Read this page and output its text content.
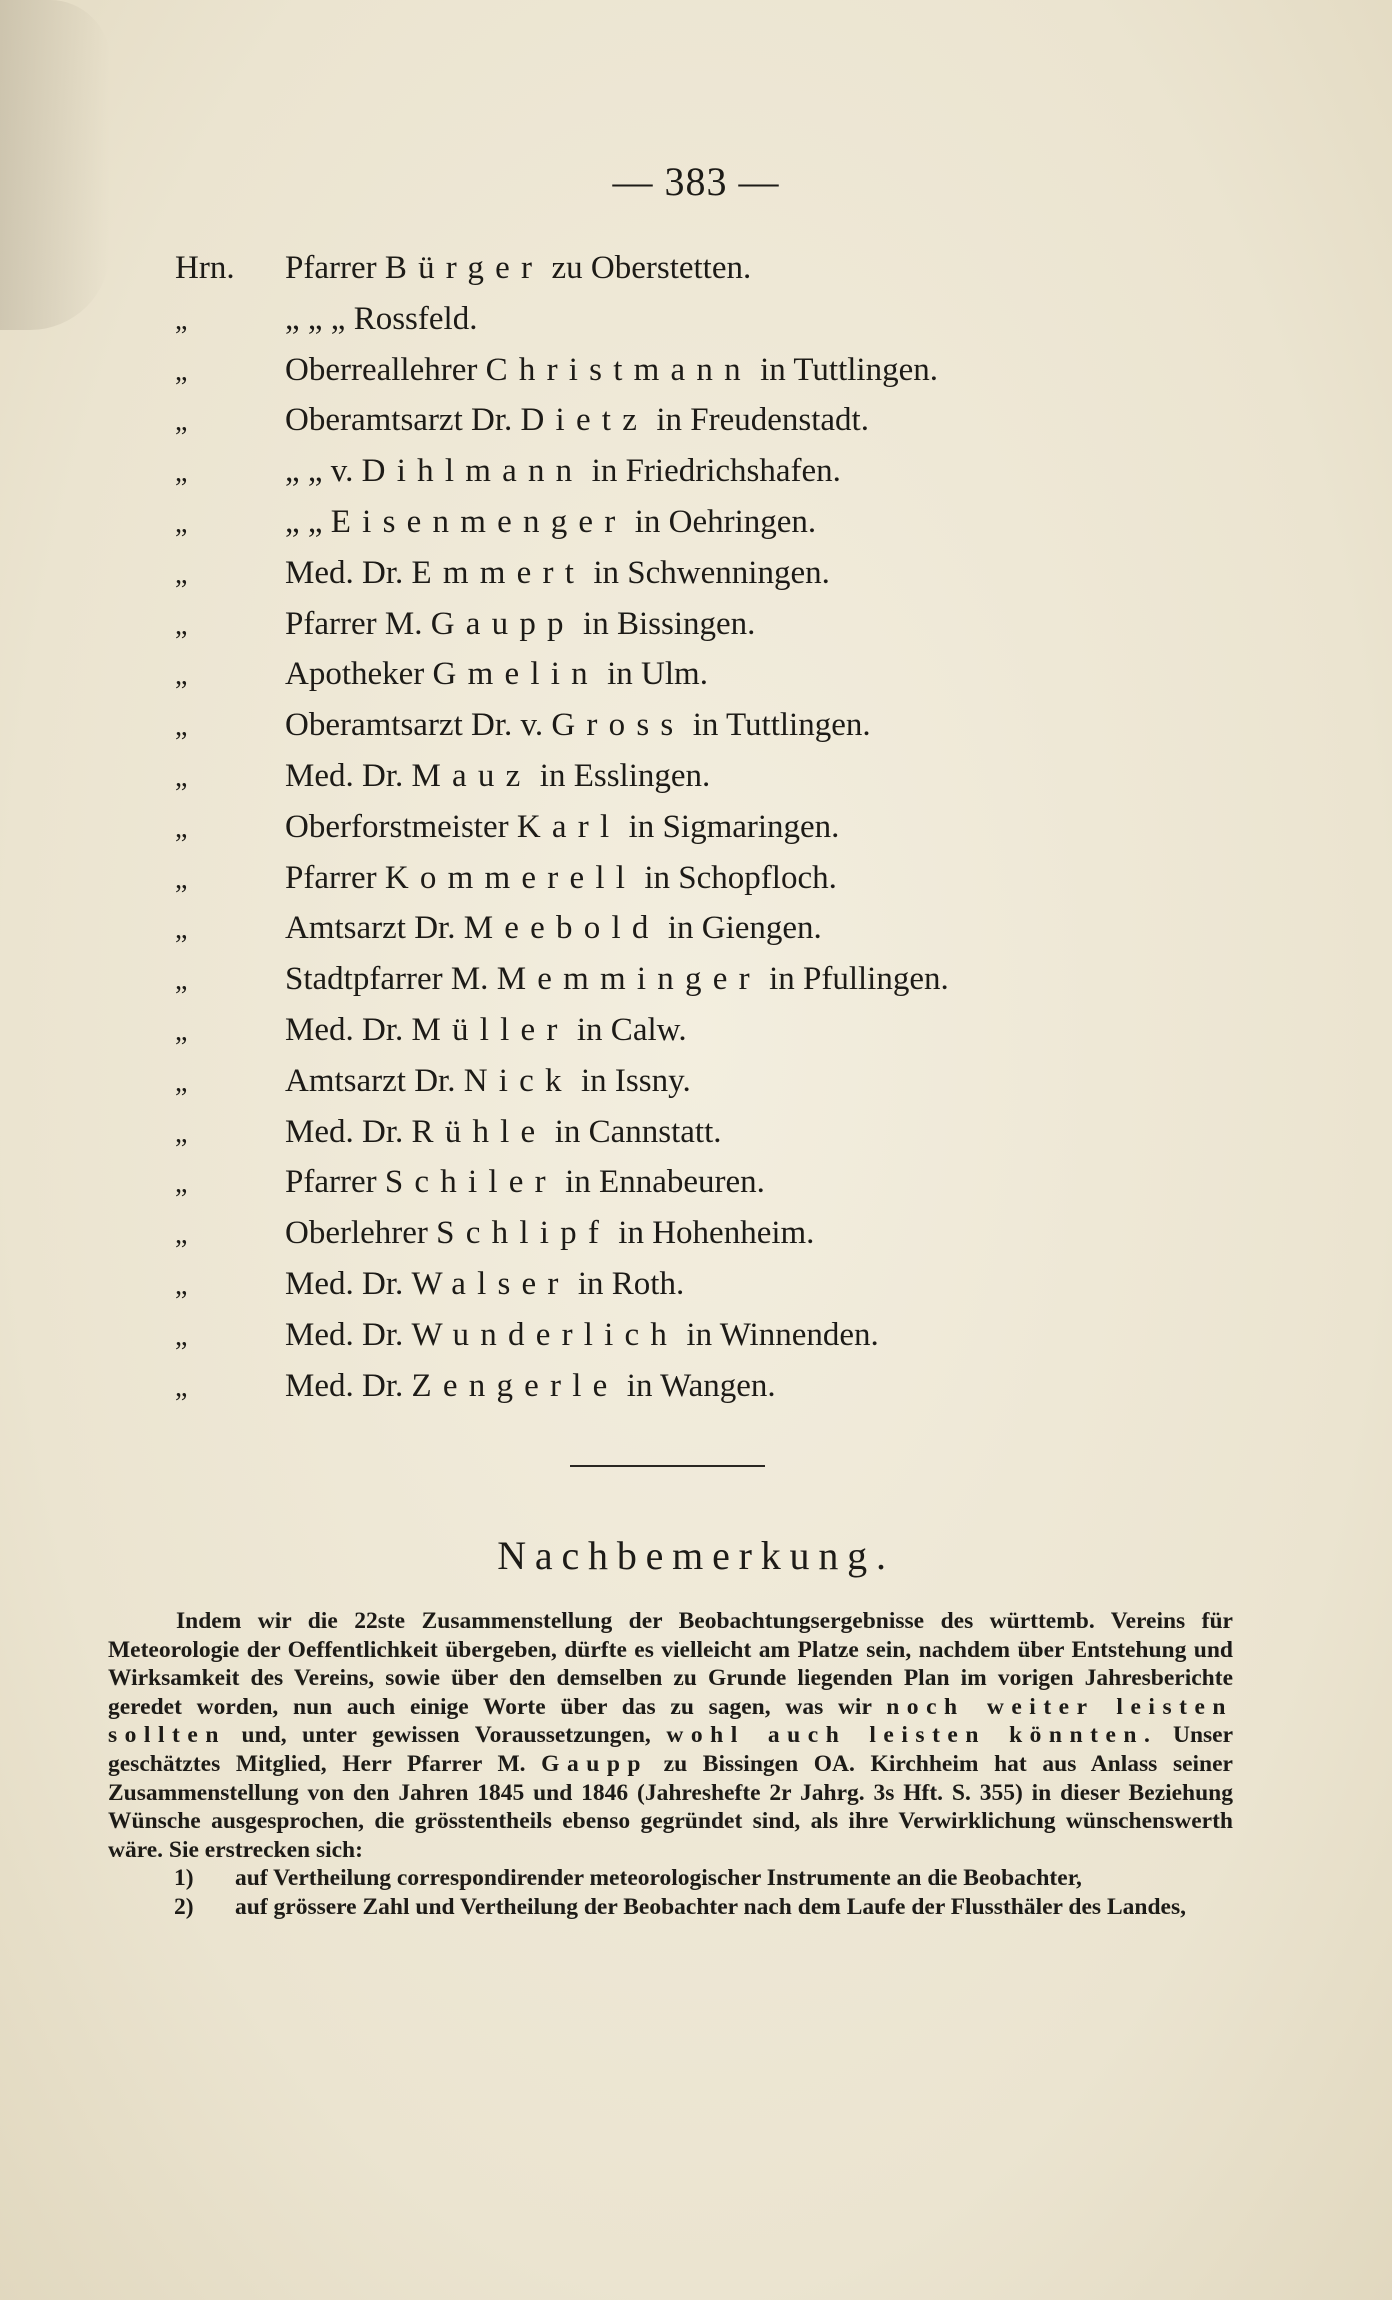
— 383 —
Hrn. Pfarrer Bürger zu Oberstetten.
„	„ „ „ Rossfeld.
„	Oberreallehrer Christmann in Tuttlingen.
„	Oberamtsarzt Dr. Dietz in Freudenstadt.
„	„ „ v. Dihlmann in Friedrichshafen.
„	„ „ Eisenmenger in Oehringen.
„	Med. Dr. Emmert in Schwenningen.
„	Pfarrer M. Gaupp in Bissingen.
„	Apotheker Gmelin in Ulm.
„	Oberamtsarzt Dr. v. Gross in Tuttlingen.
„	Med. Dr. Mauz in Esslingen.
„	Oberforstmeister Karl in Sigmaringen.
„	Pfarrer Kommerell in Schopfloch.
„	Amtsarzt Dr. Meebold in Giengen.
„	Stadtpfarrer M. Memminger in Pfullingen.
„	Med. Dr. Müller in Calw.
„	Amtsarzt Dr. Nick in Issny.
„	Med. Dr. Rühle in Cannstatt.
„	Pfarrer Schiler in Ennabeuren.
„	Oberlehrer Schlipf in Hohenheim.
„	Med. Dr. Walser in Roth.
„	Med. Dr. Wunderlich in Winnenden.
„	Med. Dr. Zengerle in Wangen.
Nachbemerkung.

Indem wir die 22ste Zusammenstellung der Beobachtungsergebnisse des württemb. Vereins für Meteorologie der Oeffentlichkeit übergeben, dürfte es vielleicht am Platze sein, nachdem über Entstehung und Wirksamkeit des Vereins, sowie über den demselben zu Grunde liegenden Plan im vorigen Jahresberichte geredet worden, nun auch einige Worte über das zu sagen, was wir noch weiter leisten sollten und, unter gewissen Voraussetzungen, wohl auch leisten könnten. Unser geschätztes Mitglied, Herr Pfarrer M. Gaupp zu Bissingen OA. Kirchheim hat aus Anlass seiner Zusammenstellung von den Jahren 1845 und 1846 (Jahreshefte 2r Jahrg. 3s Hft. S. 355) in dieser Beziehung Wünsche ausgesprochen, die grösstentheils ebenso gegründet sind, als ihre Verwirklichung wünschenswerth wäre. Sie erstrecken sich:

1) auf Vertheilung correspondirender meteorologischer Instrumente an die Beobachter,
2) auf grössere Zahl und Vertheilung der Beobachter nach dem Laufe der Flussthäler des Landes,
